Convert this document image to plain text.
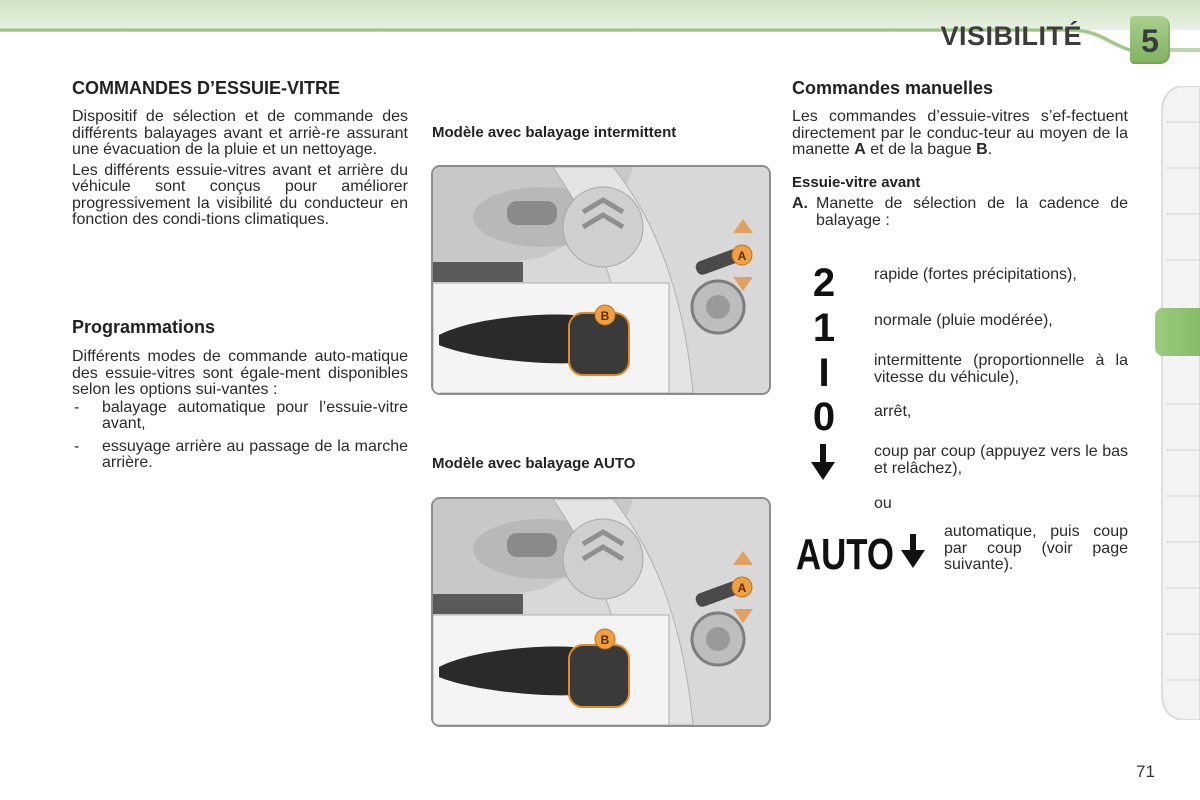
VISIBILITÉ	5
COMMANDES D’ESSUIE-VITRE

Dispositif de sélection et de commande des différents balayages avant et arriè-re assurant une évacuation de la pluie et un nettoyage.

Les différents essuie-vitres avant et arrière du véhicule sont conçus pour améliorer progressivement la visibilité du conducteur en fonction des condi-tions climatiques.

Programmations

Différents modes de commande auto-matique des essuie-vitres sont égale-ment disponibles selon les options sui-vantes :

- balayage automatique pour l’essuie-vitre avant,
- essuyage arrière au passage de la marche arrière.
Modèle avec balayage intermittent
A
B
Modèle avec balayage AUTO
A
B
Commandes manuelles

Les commandes d’essuie-vitres s’ef-fectuent directement par le conduc-teur au moyen de la manette A et de la bague B.

Essuie-vitre avant
A. Manette de sélection de la cadence de balayage :
2 rapide (fortes précipitations),
1 normale (pluie modérée),
I	intermittente (proportionnelle à la vitesse du véhicule),
0 arrêt,
coup par coup (appuyez vers le bas et relâchez),
ou
AUTO	automatique, puis coup par coup (voir page suivante).
71
